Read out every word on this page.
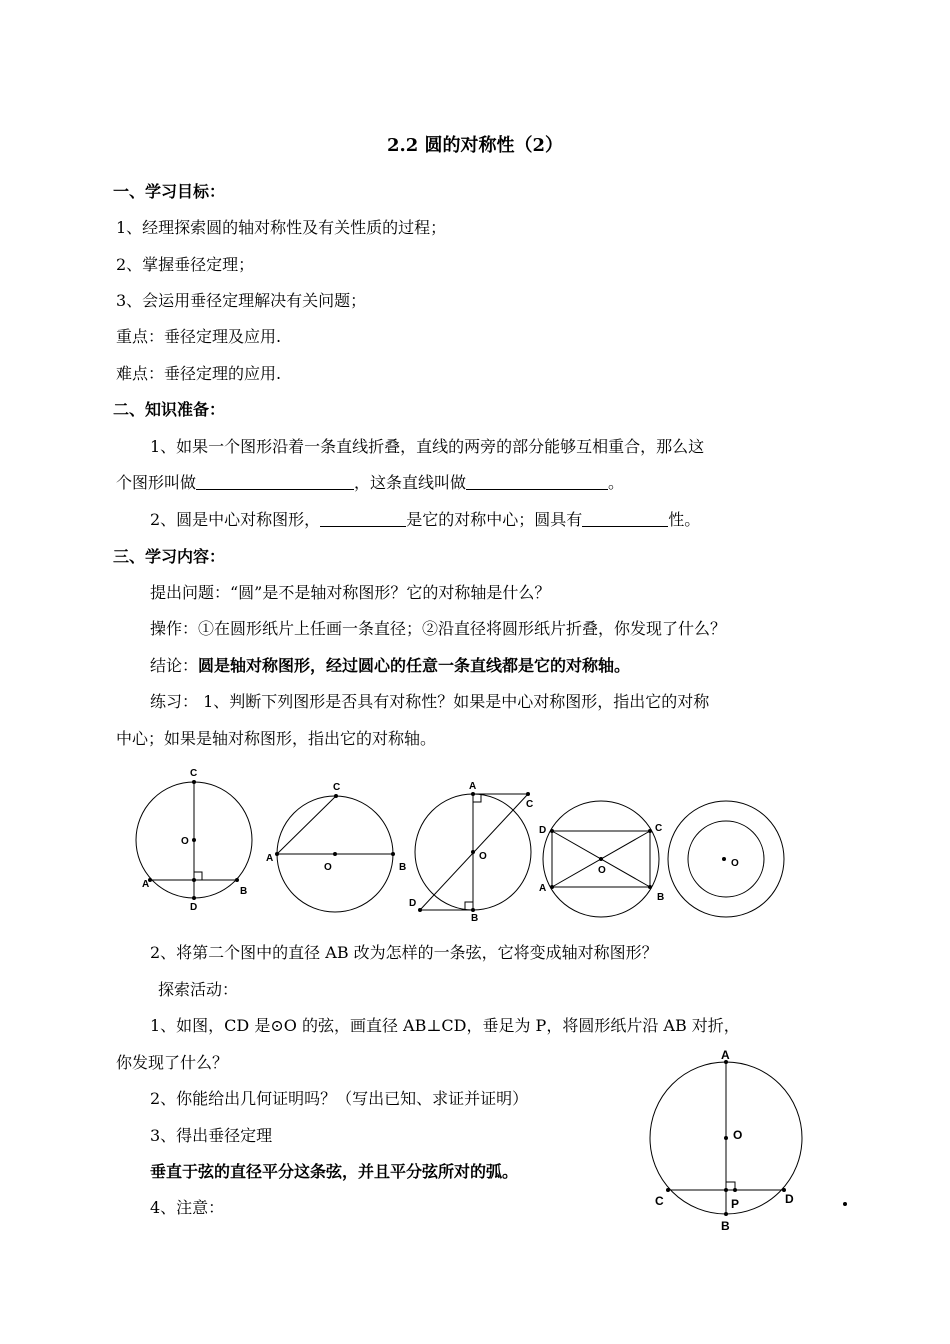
2.2 圆的对称性（2）
一、学习目标：
1、经理探索圆的轴对称性及有关性质的过程；
2、掌握垂径定理；
3、会运用垂径定理解决有关问题；
重点：垂径定理及应用.
难点：垂径定理的应用.
二、知识准备：
1、如果一个图形沿着一条直线折叠，直线的两旁的部分能够互相重合，那么这
个图形叫做	，这条直线叫做	。
2、圆是中心对称图形，	是它的对称中心；圆具有	性。
三、学习内容：
提出问题：“圆”是不是轴对称图形？它的对称轴是什么？
操作：①在圆形纸片上任画一条直径；②沿直径将圆形纸片折叠，你发现了什么？
结论：圆是轴对称图形，经过圆心的任意一条直线都是它的对称轴。
练习： 1、判断下列图形是否具有对称性？如果是中心对称图形，指出它的对称
中心；如果是轴对称图形，指出它的对称轴。
C
O
A
B
D
C
A
O	B
A
C
O
D
B
D	C
O
A
B
O
2、将第二个图中的直径 AB 改为怎样的一条弦，它将变成轴对称图形？
探索活动：
1、如图，CD 是⊙O 的弦，画直径 AB⊥CD，垂足为 P，将圆形纸片沿 AB 对折，
你发现了什么？
2、你能给出几何证明吗？（写出已知、求证并证明）
3、得出垂径定理
垂直于弦的直径平分这条弦，并且平分弦所对的弧。
4、注意：
A
O
C	P	D
B
